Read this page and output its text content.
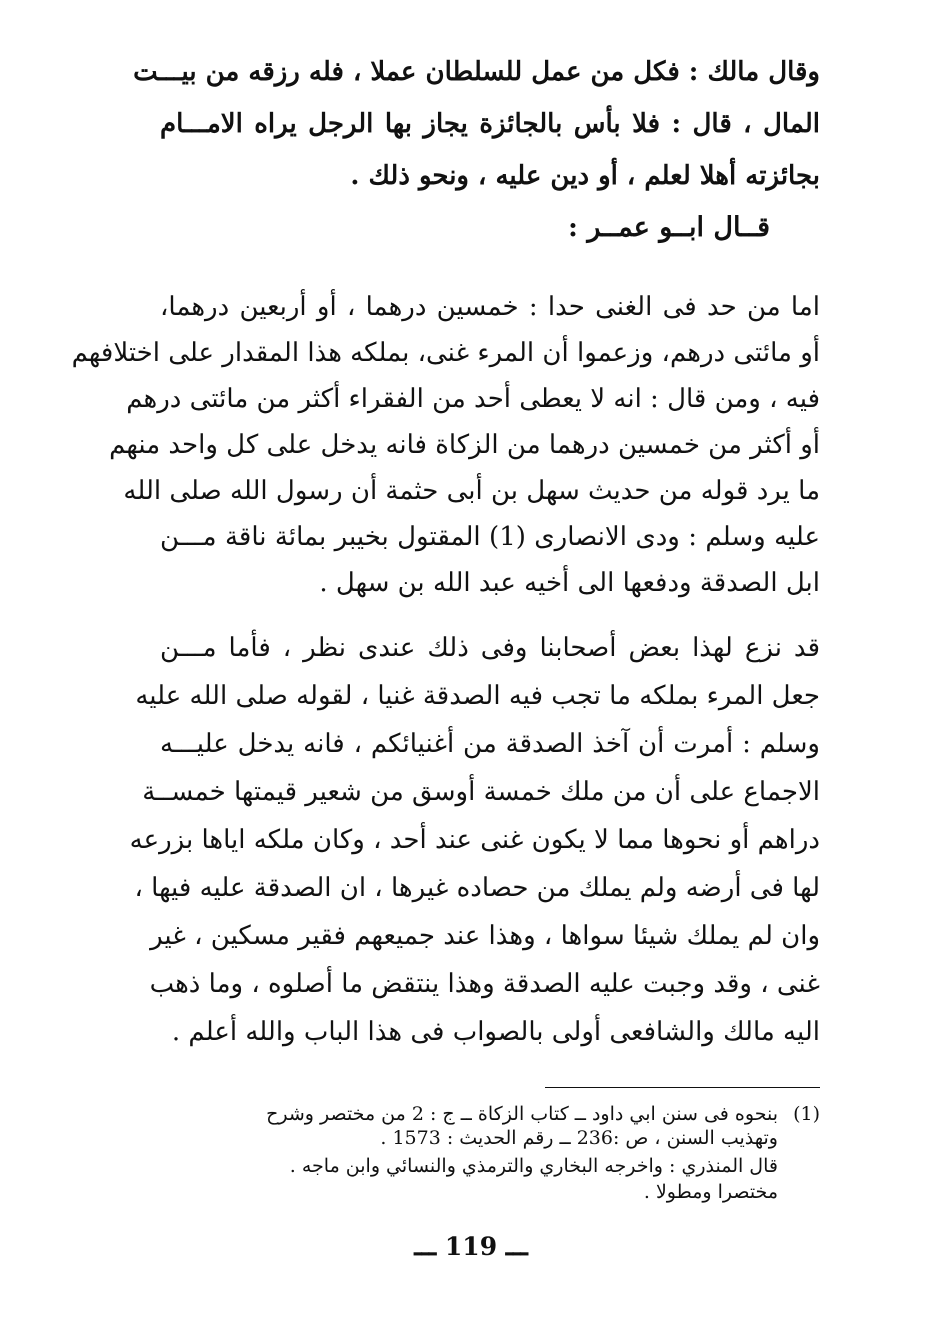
وقال مالك : فكل من عمل للسلطان عملا ، فله رزقه من بيـــت
المال ، قال : فلا بأس بالجائزة يجاز بها الرجل يراه الامـــام
بجائزته أهلا لعلم ، أو دين عليه ، ونحو ذلك .
قــال ابــو عمــر :
اما من حد فى الغنى حدا : خمسين درهما ، أو أربعين درهما،
أو مائتى درهم، وزعموا أن المرء غنى، بملكه هذا المقدار على اختلافهم
فيه ، ومن قال : انه لا يعطى أحد من الفقراء أكثر من مائتى درهم
أو أكثر من خمسين درهما من الزكاة فانه يدخل على كل واحد منهم
ما يرد قوله من حديث سهل بن أبى حثمة أن رسول الله صلى الله
عليه وسلم : ودى الانصارى (1) المقتول بخيبر بمائة ناقة مـــن
ابل الصدقة ودفعها الى أخيه عبد الله بن سهل .
قد نزع لهذا بعض أصحابنا وفى ذلك عندى نظر ، فأما مـــن
جعل المرء بملكه ما تجب فيه الصدقة غنيا ، لقوله صلى الله عليه
وسلم : أمرت أن آخذ الصدقة من أغنيائكم ، فانه يدخل عليـــه
الاجماع على أن من ملك خمسة أوسق من شعير قيمتها خمســة
دراهم أو نحوها مما لا يكون غنى عند أحد ، وكان ملكه اياها بزرعه
لها فى أرضه ولم يملك من حصاده غيرها ، ان الصدقة عليه فيها ،
وان لم يملك شيئا سواها ، وهذا عند جميعهم فقير مسكين ، غير
غنى ، وقد وجبت عليه الصدقة وهذا ينتقض ما أصلوه ، وما ذهب
اليه مالك والشافعى أولى بالصواب فى هذا الباب والله أعلم .
(1)بنحوه فى سنن ابي داود ــ كتاب الزكاة ــ ج : 2 من مختصر وشرح
وتهذيب السنن ، ص :236 ــ رقم الحديث : 1573 .
قال المنذري : واخرجه البخاري والترمذي والنسائي وابن ماجه .
مختصرا ومطولا .
ـــ 119 ـــ
